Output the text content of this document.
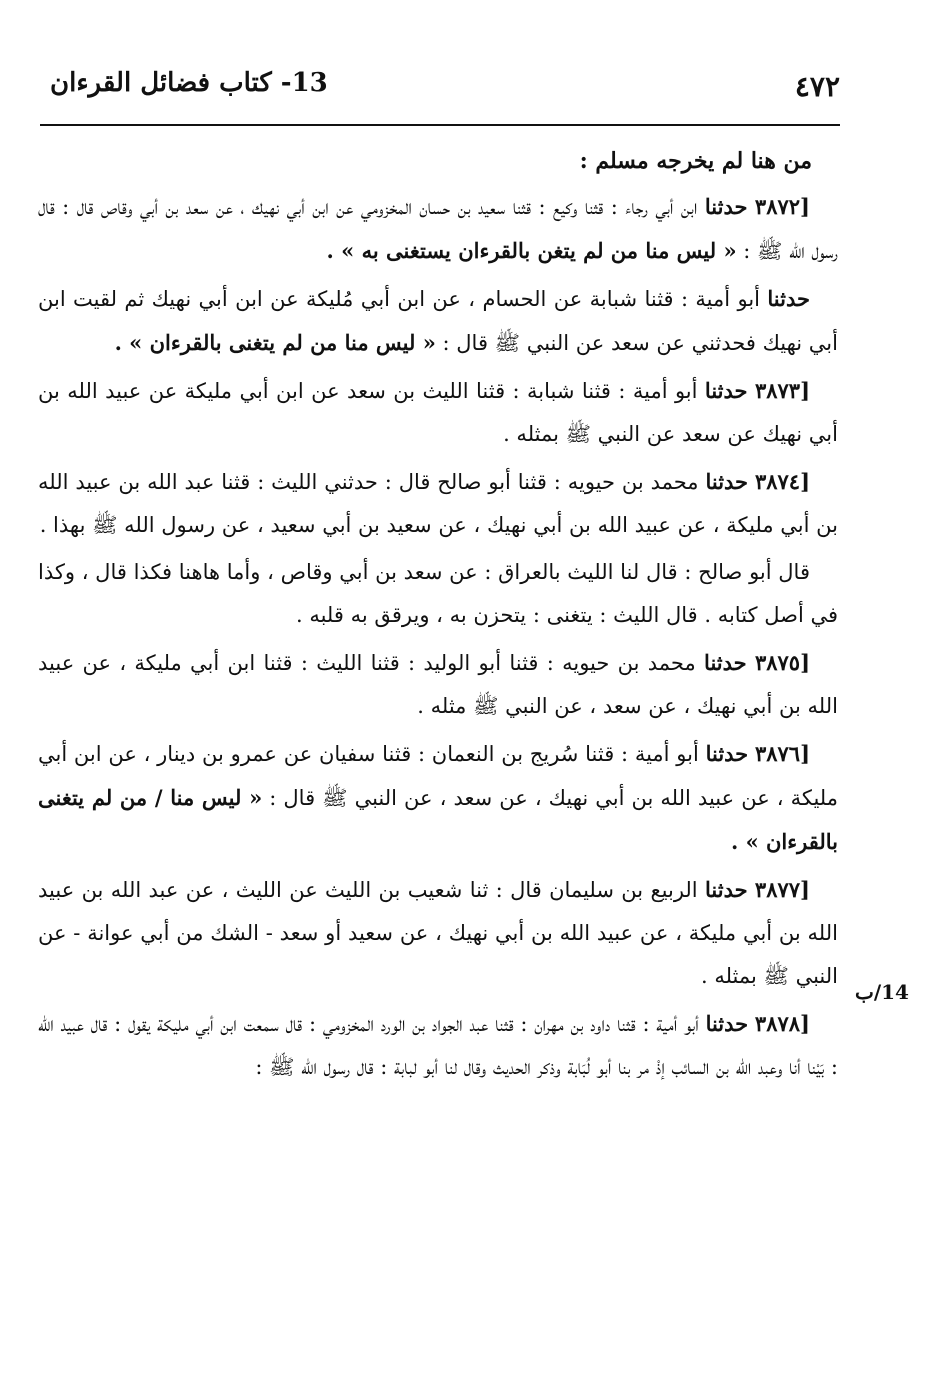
13- كتاب فضائل القرءان	٤٧٢

من هنا لم يخرجه مسلم :

[٣٨٧٢ حدثنا ابن أبي رجاء : قثنا وكيع : قثنا سعيد بن حسان المخزومي عن ابن أبي نهيك ، عن سعد بن أبي وقاص قال : قال رسول الله ﷺ : « ليس منا من لم يتغن بالقرءان يستغنى به » .

حدثنا أبو أمية : قثنا شبابة عن الحسام ، عن ابن أبي مُليكة عن ابن أبي نهيك ثم لقيت ابن أبي نهيك فحدثني عن سعد عن النبي ﷺ قال : « ليس منا من لم يتغنى بالقرءان » .

[٣٨٧٣ حدثنا أبو أمية : قثنا شبابة : قثنا الليث بن سعد عن ابن أبي مليكة عن عبيد الله بن أبي نهيك عن سعد عن النبي ﷺ بمثله .

[٣٨٧٤ حدثنا محمد بن حيويه : قثنا أبو صالح قال : حدثني الليث : قثنا عبد الله بن عبيد الله بن أبي مليكة ، عن عبيد الله بن أبي نهيك ، عن سعيد بن أبي سعيد ، عن رسول الله ﷺ بهذا .

قال أبو صالح : قال لنا الليث بالعراق : عن سعد بن أبي وقاص ، وأما هاهنا فكذا قال ، وكذا في أصل كتابه . قال الليث : يتغنى : يتحزن به ، ويرقق به قلبه .

[٣٨٧٥ حدثنا محمد بن حيويه : قثنا أبو الوليد : قثنا الليث : قثنا ابن أبي مليكة ، عن عبيد الله بن أبي نهيك ، عن سعد ، عن النبي ﷺ مثله .

[٣٨٧٦ حدثنا أبو أمية : قثنا سُريج بن النعمان : قثنا سفيان عن عمرو بن دينار ، عن ابن أبي مليكة ، عن عبيد الله بن أبي نهيك ، عن سعد ، عن النبي ﷺ قال : « ليس منا / من لم يتغنى بالقرءان » .

[٣٨٧٧ حدثنا الربيع بن سليمان قال : ثنا شعيب بن الليث عن الليث ، عن عبد الله بن عبيد الله بن أبي مليكة ، عن عبيد الله بن أبي نهيك ، عن سعيد أو سعد - الشك من أبي عوانة - عن النبي ﷺ بمثله .

[٣٨٧٨ حدثنا أبو أمية : قثنا داود بن مهران : قثنا عبد الجواد بن الورد المخزومي : قال سمعت ابن أبي مليكة يقول : قال عبيد الله : بَيْنا أنا وعبد الله بن السائب إذْ مر بنا أبو لُبَابة وذكر الحديث وقال لنا أبو لبابة : قال رسول الله ﷺ :

14/ب
